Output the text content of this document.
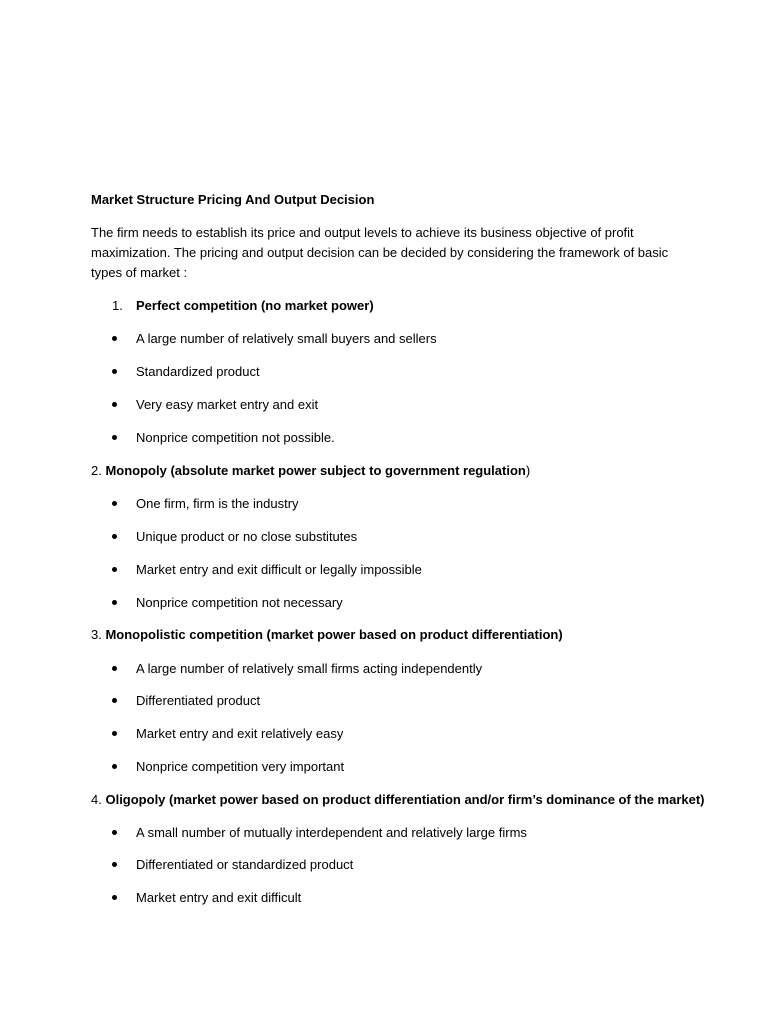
Market Structure Pricing And Output Decision
The firm needs to establish its price and output levels to achieve its business objective of profit
maximization. The pricing and output decision can be decided by considering the framework of basic
types of market :
1. Perfect competition (no market power)
A large number of relatively small buyers and sellers
Standardized product
Very easy market entry and exit
Nonprice competition not possible.
2. Monopoly (absolute market power subject to government regulation)
One firm, firm is the industry
Unique product or no close substitutes
Market entry and exit difficult or legally impossible
Nonprice competition not necessary
3. Monopolistic competition (market power based on product differentiation)
A large number of relatively small firms acting independently
Differentiated product
Market entry and exit relatively easy
Nonprice competition very important
4. Oligopoly (market power based on product differentiation and/or firm’s dominance of the market)
A small number of mutually interdependent and relatively large firms
Differentiated or standardized product
Market entry and exit difficult
